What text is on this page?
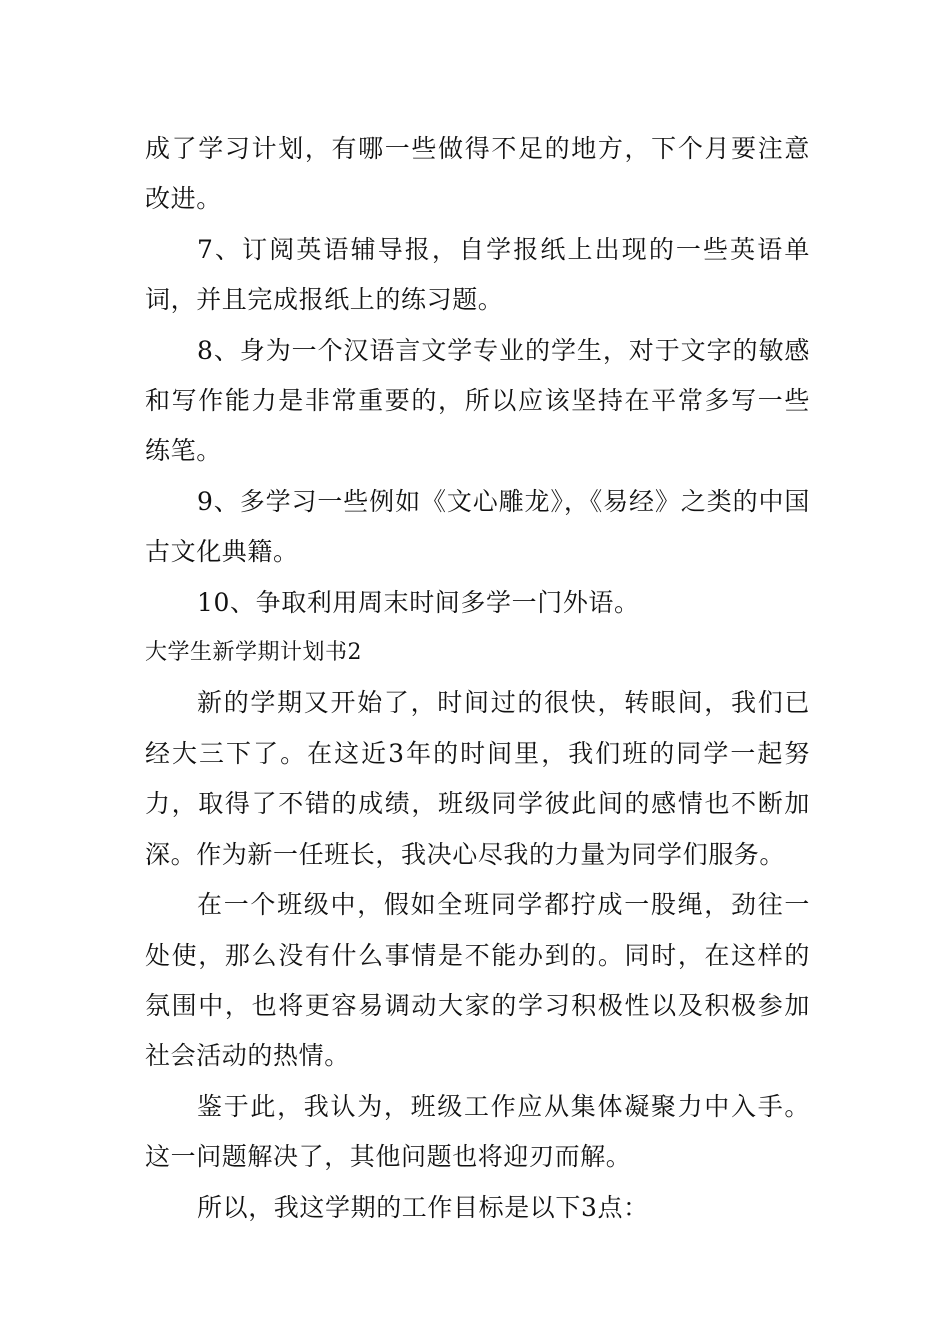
成了学习计划，有哪一些做得不足的地方，下个月要注意改进。

7、订阅英语辅导报，自学报纸上出现的一些英语单词，并且完成报纸上的练习题。

8、身为一个汉语言文学专业的学生，对于文字的敏感和写作能力是非常重要的，所以应该坚持在平常多写一些练笔。

9、多学习一些例如《文心雕龙》，《易经》之类的中国古文化典籍。

10、争取利用周末时间多学一门外语。

大学生新学期计划书2

新的学期又开始了，时间过的很快，转眼间，我们已经大三下了。在这近3年的时间里，我们班的同学一起努力，取得了不错的成绩，班级同学彼此间的感情也不断加深。作为新一任班长，我决心尽我的力量为同学们服务。

在一个班级中，假如全班同学都拧成一股绳，劲往一处使，那么没有什么事情是不能办到的。同时，在这样的氛围中，也将更容易调动大家的学习积极性以及积极参加社会活动的热情。

鉴于此，我认为，班级工作应从集体凝聚力中入手。这一问题解决了，其他问题也将迎刃而解。

所以，我这学期的工作目标是以下3点：
